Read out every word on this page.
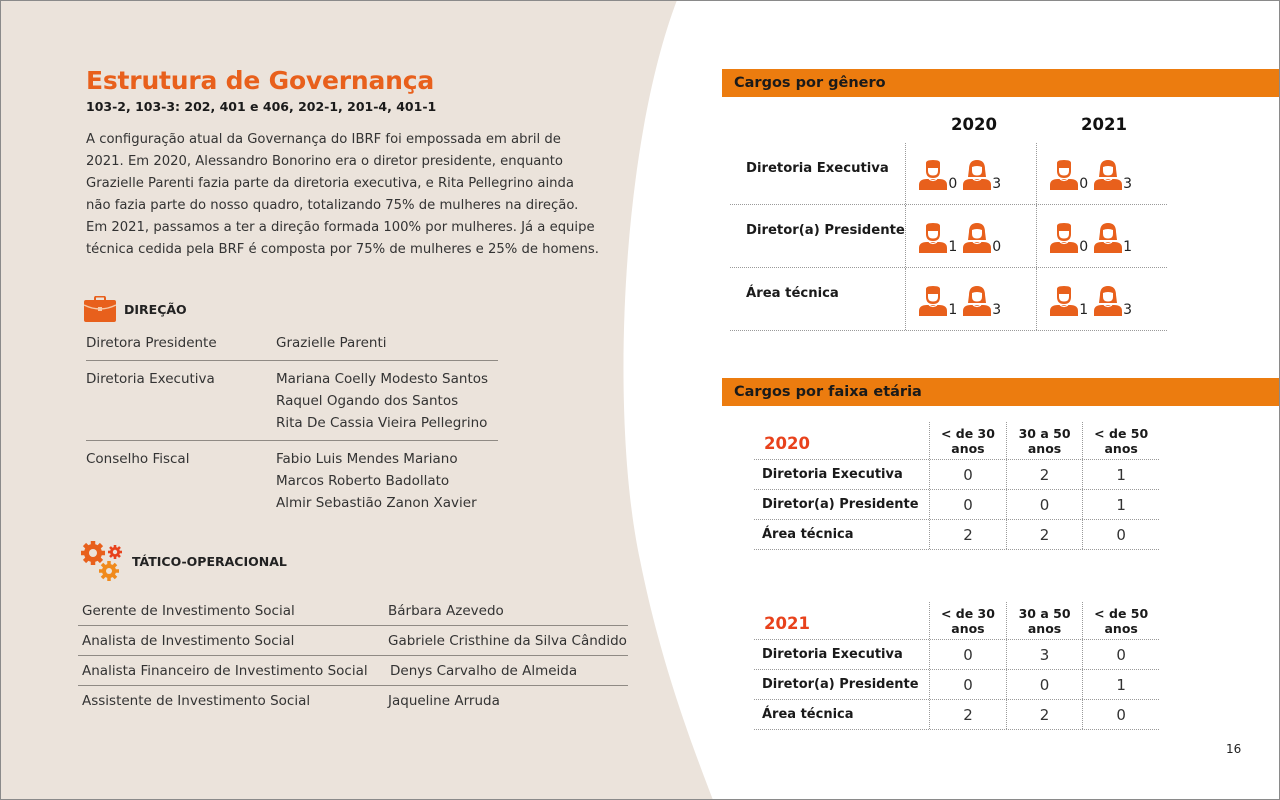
Estrutura de Governança
103-2, 103-3: 202, 401 e 406, 202-1, 201-4, 401-1

A configuração atual da Governança do IBRF foi empossada em abril de
2021. Em 2020, Alessandro Bonorino era o diretor presidente, enquanto
Grazielle Parenti fazia parte da diretoria executiva, e Rita Pellegrino ainda
não fazia parte do nosso quadro, totalizando 75% de mulheres na direção.
Em 2021, passamos a ter a direção formada 100% por mulheres. Já a equipe
técnica cedida pela BRF é composta por 75% de mulheres e 25% de homens.

DIREÇÃO
Diretora Presidente	Grazielle Parenti
Diretoria Executiva	Mariana Coelly Modesto Santos
Raquel Ogando dos Santos
Rita De Cassia Vieira Pellegrino
Conselho Fiscal	Fabio Luis Mendes Mariano
Marcos Roberto Badollato
Almir Sebastião Zanon Xavier
TÁTICO-OPERACIONAL
Gerente de Investimento Social	Bárbara Azevedo
Analista de Investimento Social	Gabriele Cristhine da Silva Cândido
Analista Financeiro de Investimento Social	Denys Carvalho de Almeida
Assistente de Investimento Social	Jaqueline Arruda
Cargos por gênero
2020	2021
Diretoria Executiva
0	3	0	3
Diretor(a) Presidente
1	0	0	1
Área técnica
1	3	1	3
Cargos por faixa etária
2020
< de 30
anos
30 a 50
anos
< de 50
anos
Diretoria Executiva	0	2	1
Diretor(a) Presidente	0	0	1
Área técnica	2	2	0
2021
< de 30
anos
30 a 50
anos
< de 50
anos
Diretoria Executiva	0	3	0
Diretor(a) Presidente	0	0	1
Área técnica	2	2	0
16
